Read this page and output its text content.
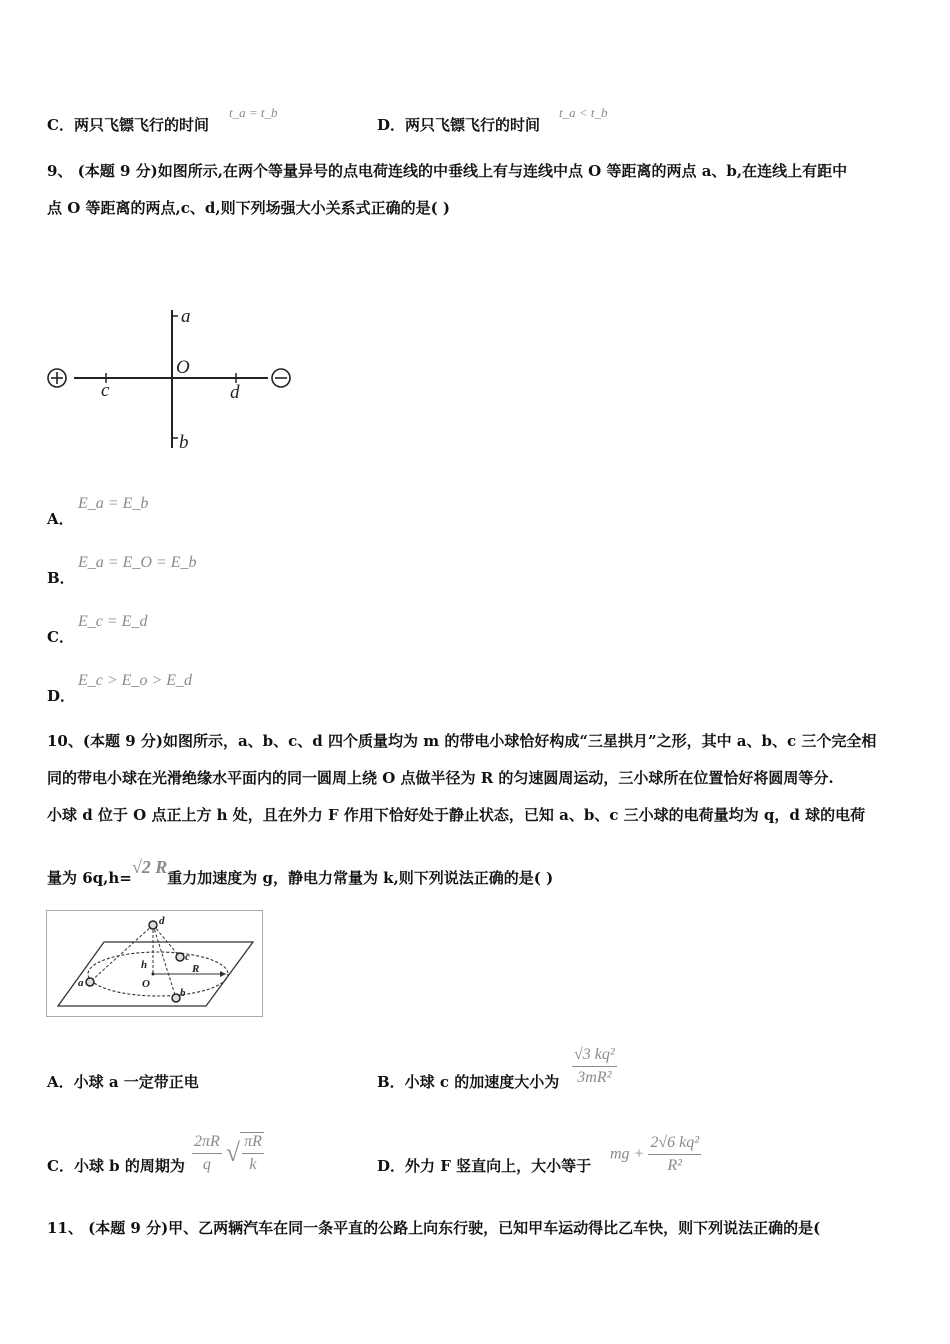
C．两只飞镖飞行的时间
t_a = t_b
D．两只飞镖飞行的时间
t_a < t_b
9、 (本题 9 分)如图所示,在两个等量异号的点电荷连线的中垂线上有与连线中点 O 等距离的两点 a、b,在连线上有距中
点 O 等距离的两点,c、d,则下列场强大小关系式正确的是( )
a
O
c	d
b
A．
E_a = E_b
B．
E_a = E_O = E_b
C．
E_c = E_d
D．
E_c > E_o > E_d
10、(本题 9 分)如图所示，a、b、c、d 四个质量均为 m 的带电小球恰好构成“三星拱月”之形，其中 a、b、c 三个完全相
同的带电小球在光滑绝缘水平面内的同一圆周上绕 O 点做半径为 R 的匀速圆周运动，三小球所在位置恰好将圆周等分.
小球 d 位于 O 点正上方 h 处，且在外力 F 作用下恰好处于静止状态，已知 a、b、c 三小球的电荷量均为 q，d 球的电荷
量为 6q,h=√2 R重力加速度为 g，静电力常量为 k,则下列说法正确的是( )
d
a
b
c
O
h	R
A．小球 a 一定带正电	B．小球 c 的加速度大小为 $\frac{\text{√3 kq²}}{\text{3mR²}}$
C．小球 b 的周期为 $\frac{2\pi R}{q}$ √ $\frac{\pi R}{k}$	D．外力 F 竖直向上，大小等于
mg + $\frac{\text{2√6 kq²}}{\text{R²}}$
11、 (本题 9 分)甲、乙两辆汽车在同一条平直的公路上向东行驶，已知甲车运动得比乙车快，则下列说法正确的是(
